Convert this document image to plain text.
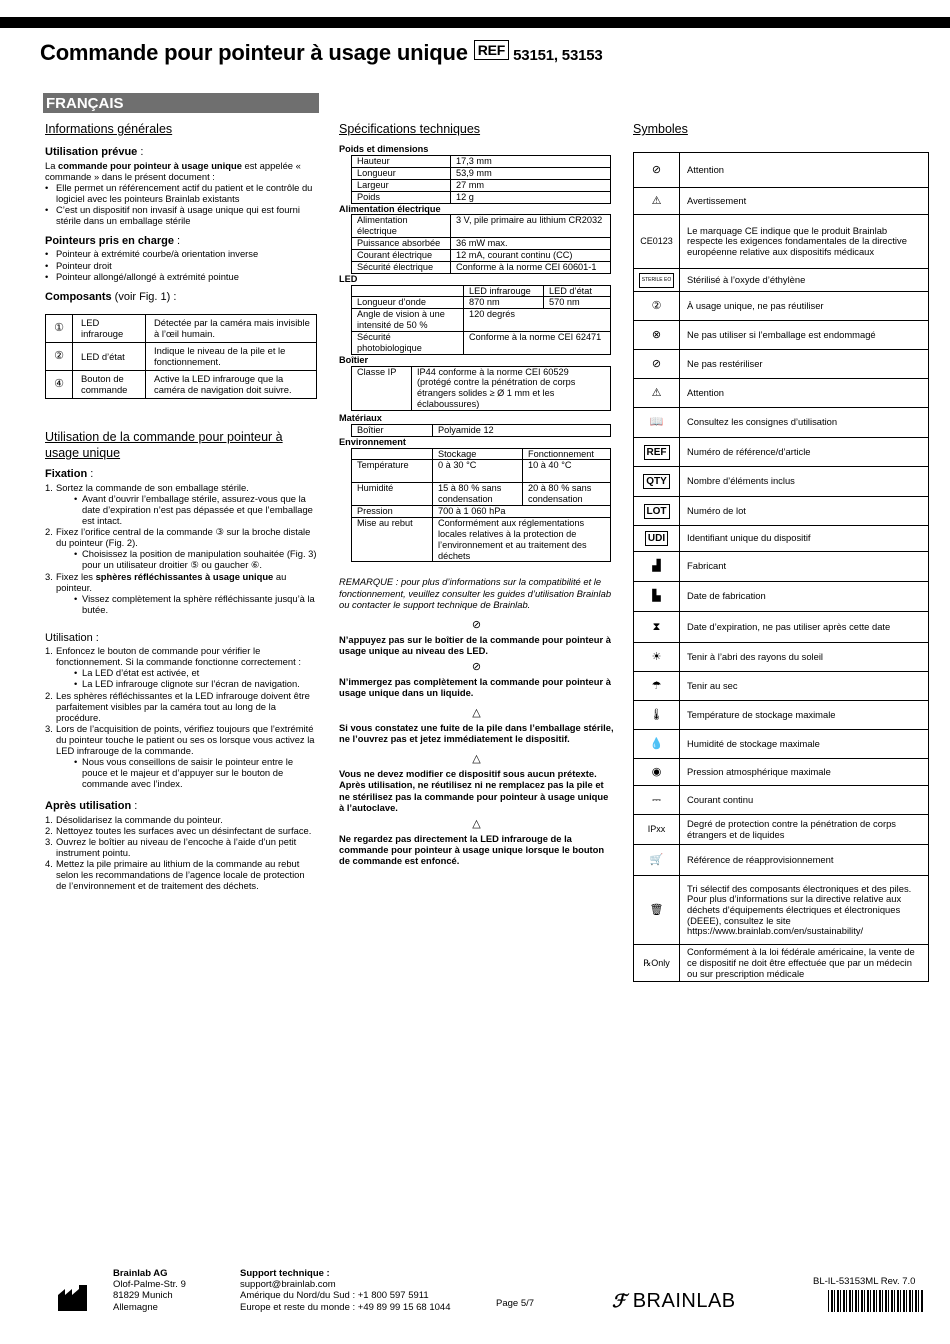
Commande pour pointeur à usage unique REF 53151, 53153
FRANÇAIS
Informations générales
Utilisation prévue :

La commande pour pointeur à usage unique est appelée « commande » dans le présent document :

• Elle permet un référencement actif du patient et le contrôle du logiciel avec les pointeurs Brainlab existants
• C’est un dispositif non invasif à usage unique qui est fourni stérile dans un emballage stérile
Pointeurs pris en charge :
• Pointeur à extrémité courbe/à orientation inverse
• Pointeur droit
• Pointeur allongé/allongé à extrémité pointue
Composants (voir Fig. 1) :
①	LED infrarouge	Détectée par la caméra mais invisible à l’œil humain.
②	LED d’état	Indique le niveau de la pile et le fonctionnement.
④	Bouton de commande	Active la LED infrarouge que la caméra de navigation doit suivre.
Utilisation de la commande pour pointeur à usage unique
Fixation :
1. Sortez la commande de son emballage stérile.
• Avant d’ouvrir l’emballage stérile, assurez-vous que la date d’expiration n’est pas dépassée et que l’emballage est intact.
2. Fixez l’orifice central de la commande ③ sur la broche distale du pointeur (Fig. 2).
• Choisissez la position de manipulation souhaitée (Fig. 3) pour un utilisateur droitier ⑤ ou gaucher ⑥.
3. Fixez les sphères réfléchissantes à usage unique au pointeur.
• Vissez complètement la sphère réfléchissante jusqu’à la butée.
Utilisation :
1. Enfoncez le bouton de commande pour vérifier le fonctionnement. Si la commande fonctionne correctement :
• La LED d’état est activée, et
• La LED infrarouge clignote sur l’écran de navigation.
2. Les sphères réfléchissantes et la LED infrarouge doivent être parfaitement visibles par la caméra tout au long de la procédure.
3. Lors de l’acquisition de points, vérifiez toujours que l’extrémité du pointeur touche le patient ou ses os lorsque vous activez la LED infrarouge de la commande.
• Nous vous conseillons de saisir le pointeur entre le pouce et le majeur et d’appuyer sur le bouton de commande avec l’index.
Après utilisation :
1. Désolidarisez la commande du pointeur.
2. Nettoyez toutes les surfaces avec un désinfectant de surface.
3. Ouvrez le boîtier au niveau de l’encoche à l’aide d’un petit instrument pointu.
4. Mettez la pile primaire au lithium de la commande au rebut selon les recommandations de l’agence locale de protection de l’environnement et de traitement des déchets.
Spécifications techniques
Poids et dimensions
Hauteur	17,3 mm
Longueur	53,9 mm
Largeur	27 mm
Poids	12 g
Alimentation électrique
Alimentation électrique	3 V, pile primaire au lithium CR2032
Puissance absorbée	36 mW max.
Courant électrique	12 mA, courant continu (CC)
Sécurité électrique	Conforme à la norme CEI 60601-1
LED
	LED infrarouge	LED d’état
Longueur d’onde	870 nm	570 nm
Angle de vision à une intensité de 50 %	120 degrés	
Sécurité photobiologique	Conforme à la norme CEI 62471	
Boîtier
Classe IP	IP44 conforme à la norme CEI 60529 (protégé contre la pénétration de corps étrangers solides ≥ Ø 1 mm et les éclaboussures)
Matériaux
Boîtier	Polyamide 12
Environnement
	Stockage	Fonctionnement
Température	0 à 30 °C	10 à 40 °C
Humidité	15 à 80 % sans condensation	20 à 80 % sans condensation
Pression	700 à 1 060 hPa	
Mise au rebut	Conformément aux réglementations locales relatives à la protection de l’environnement et au traitement des déchets	

REMARQUE : pour plus d’informations sur la compatibilité et le fonctionnement, veuillez consulter les guides d’utilisation Brainlab ou contacter le support technique de Brainlab.

⊘

N’appuyez pas sur le boîtier de la commande pour pointeur à usage unique au niveau des LED.

⊘

N’immergez pas complètement la commande pour pointeur à usage unique dans un liquide.

△

Si vous constatez une fuite de la pile dans l’emballage stérile, ne l’ouvrez pas et jetez immédiatement le dispositif.

△

Vous ne devez modifier ce dispositif sous aucun prétexte. Après utilisation, ne réutilisez ni ne remplacez pas la pile et ne stérilisez pas la commande pour pointeur à usage unique à l’autoclave.

△

Ne regardez pas directement la LED infrarouge de la commande pour pointeur à usage unique lorsque le bouton de commande est enfoncé.

Symboles
⊘	Attention
⚠	Avertissement
CE0123	Le marquage CE indique que le produit Brainlab respecte les exigences fondamentales de la directive européenne relative aux dispositifs médicaux
STERILE EO	Stérilisé à l’oxyde d’éthylène
②	À usage unique, ne pas réutiliser
⊗	Ne pas utiliser si l’emballage est endommagé
⊘	Ne pas restériliser
⚠	Attention
📖	Consultez les consignes d’utilisation
REF	Numéro de référence/d’article
QTY	Nombre d’éléments inclus
LOT	Numéro de lot
UDI	Identifiant unique du dispositif
▟	Fabricant
▙	Date de fabrication
⧗	Date d’expiration, ne pas utiliser après cette date
☀	Tenir à l’abri des rayons du soleil
☂	Tenir au sec
🌡	Température de stockage maximale
💧	Humidité de stockage maximale
◉	Pression atmosphérique maximale
⎓	Courant continu
IPxx	Degré de protection contre la pénétration de corps étrangers et de liquides
🛒	Référence de réapprovisionnement
🗑	Tri sélectif des composants électroniques et des piles.
Pour plus d’informations sur la directive relative aux déchets d’équipements électriques et électroniques (DEEE), consultez le site https://www.brainlab.com/en/sustainability/
℞Only	Conformément à la loi fédérale américaine, la vente de ce dispositif ne doit être effectuée que par un médecin ou sur prescription médicale
Brainlab AG
Olof-Palme-Str. 9
81829 Munich
Allemagne
Support technique :
support@brainlab.com
Amérique du Nord/du Sud : +1 800 597 5911
Europe et reste du monde : +49 89 99 15 68 1044	Page 5/7	ℱ BRAINLAB
BL-IL-53153ML Rev. 7.0
